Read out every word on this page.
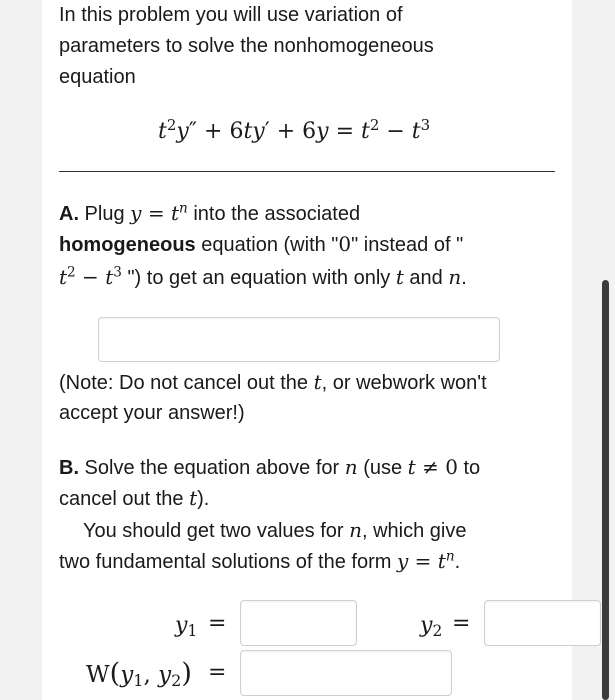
In this problem you will use variation of
parameters to solve the nonhomogeneous
equation
$t^2y'' + 6ty' + 6y = t^2 - t^3$
A. Plug $y = t^n$ into the associated
homogeneous equation (with "0" instead of "
$t^2 - t^3$ ") to get an equation with only t and n.
(Note: Do not cancel out the t, or webwork won't
accept your answer!)
B. Solve the equation above for n (use t ≠ 0 to
cancel out the t).
You should get two values for n, which give
two fundamental solutions of the form $y = t^n$.
$y_1$ =	$y_2$ =
$W(y_1$, $y_2$) =
